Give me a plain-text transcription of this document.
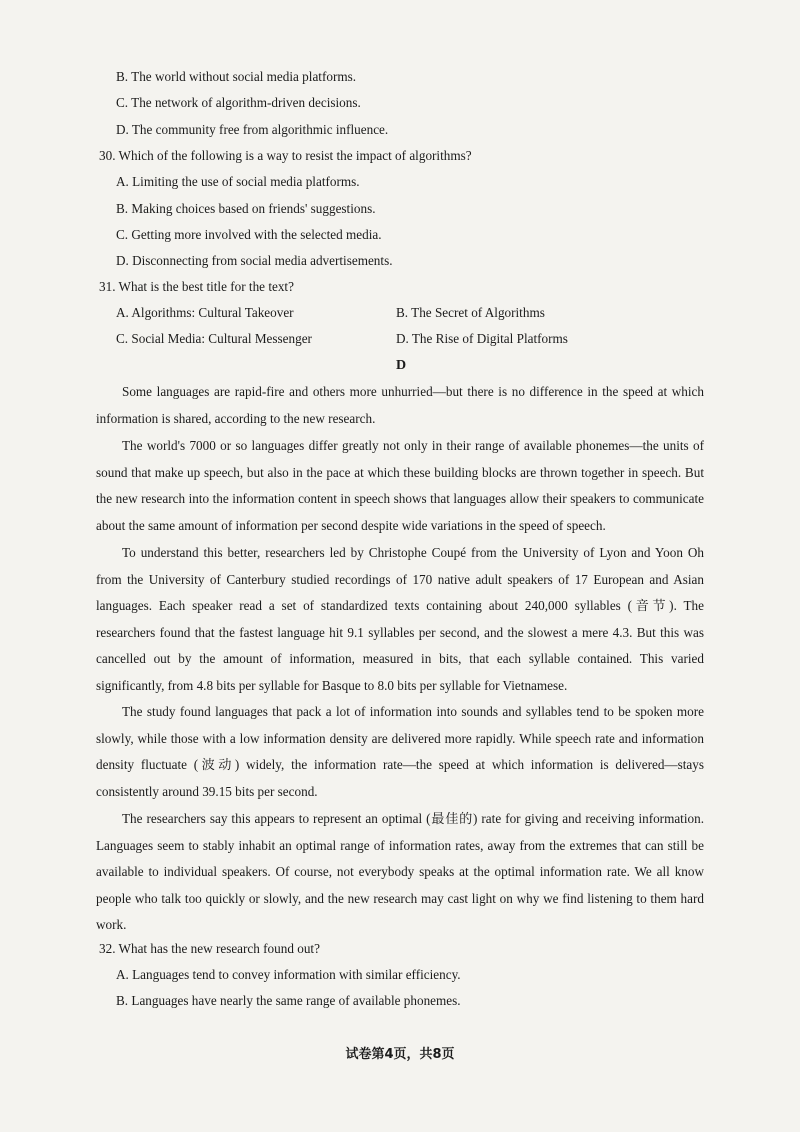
B. The world without social media platforms.
C. The network of algorithm-driven decisions.
D. The community free from algorithmic influence.
30. Which of the following is a way to resist the impact of algorithms?
A. Limiting the use of social media platforms.
B. Making choices based on friends' suggestions.
C. Getting more involved with the selected media.
D. Disconnecting from social media advertisements.
31. What is the best title for the text?
A. Algorithms: Cultural Takeover	B. The Secret of Algorithms
C. Social Media: Cultural Messenger	D. The Rise of Digital Platforms
D
Some languages are rapid-fire and others more unhurried—but there is no difference in the speed at which information is shared, according to the new research.
The world's 7000 or so languages differ greatly not only in their range of available phonemes—the units of sound that make up speech, but also in the pace at which these building blocks are thrown together in speech. But the new research into the information content in speech shows that languages allow their speakers to communicate about the same amount of information per second despite wide variations in the speed of speech.
To understand this better, researchers led by Christophe Coupé from the University of Lyon and Yoon Oh from the University of Canterbury studied recordings of 170 native adult speakers of 17 European and Asian languages. Each speaker read a set of standardized texts containing about 240,000 syllables (音节). The researchers found that the fastest language hit 9.1 syllables per second, and the slowest a mere 4.3. But this was cancelled out by the amount of information, measured in bits, that each syllable contained. This varied significantly, from 4.8 bits per syllable for Basque to 8.0 bits per syllable for Vietnamese.
The study found languages that pack a lot of information into sounds and syllables tend to be spoken more slowly, while those with a low information density are delivered more rapidly. While speech rate and information density fluctuate (波动) widely, the information rate—the speed at which information is delivered—stays consistently around 39.15 bits per second.
The researchers say this appears to represent an optimal (最佳的) rate for giving and receiving information. Languages seem to stably inhabit an optimal range of information rates, away from the extremes that can still be available to individual speakers. Of course, not everybody speaks at the optimal information rate. We all know people who talk too quickly or slowly, and the new research may cast light on why we find listening to them hard work.
32. What has the new research found out?
A. Languages tend to convey information with similar efficiency.
B. Languages have nearly the same range of available phonemes.
试卷第4页，共8页
